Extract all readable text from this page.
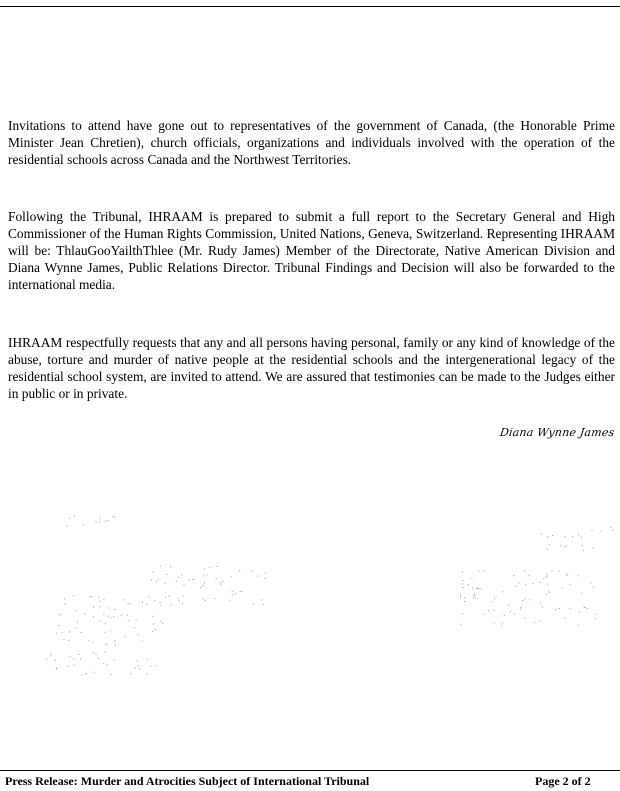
Invitations to attend have gone out to representatives of the government of Canada, (the Honorable Prime Minister Jean Chretien), church officials, organizations and individuals involved with the operation of the residential schools across Canada and the Northwest Territories.

Following the Tribunal, IHRAAM is prepared to submit a full report to the Secretary General and High Commissioner of the Human Rights Commission, United Nations, Geneva, Switzerland. Representing IHRAAM will be: ThlauGooYailthThlee (Mr. Rudy James) Member of the Directorate, Native American Division and Diana Wynne James, Public Relations Director. Tribunal Findings and Decision will also be forwarded to the international media.

IHRAAM respectfully requests that any and all persons having personal, family or any kind of knowledge of the abuse, torture and murder of native people at the residential schools and the intergenerational legacy of the residential school system, are invited to attend. We are assured that testimonies can be made to the Judges either in public or in private.

Diana Wynne James
Press Release: Murder and Atrocities Subject of International Tribunal	Page 2 of 2
